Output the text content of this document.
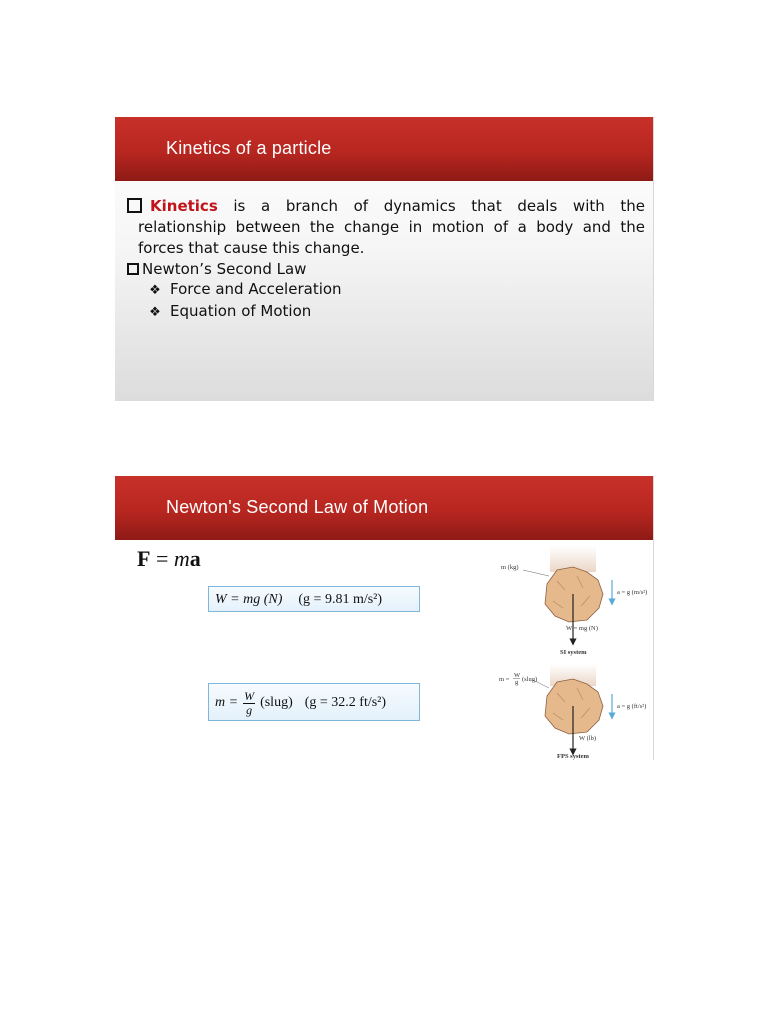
Kinetics of a particle
Kinetics is a branch of dynamics that deals with the
relationship between the change in motion of a body and the
forces that cause this change.
Newton’s Second Law
❖ Force and Acceleration
❖ Equation of Motion
Newton's Second Law of Motion
F = ma
W = mg (N) (g = 9.81 m/s²)
$m = \frac{W}{g}$ (slug) (g = 32.2 ft/s²)
m (kg)
a = g (m/s²)
W = mg (N)
SI system
m =
W
g (slug)
a = g (ft/s²)
W (lb)
FPS system
